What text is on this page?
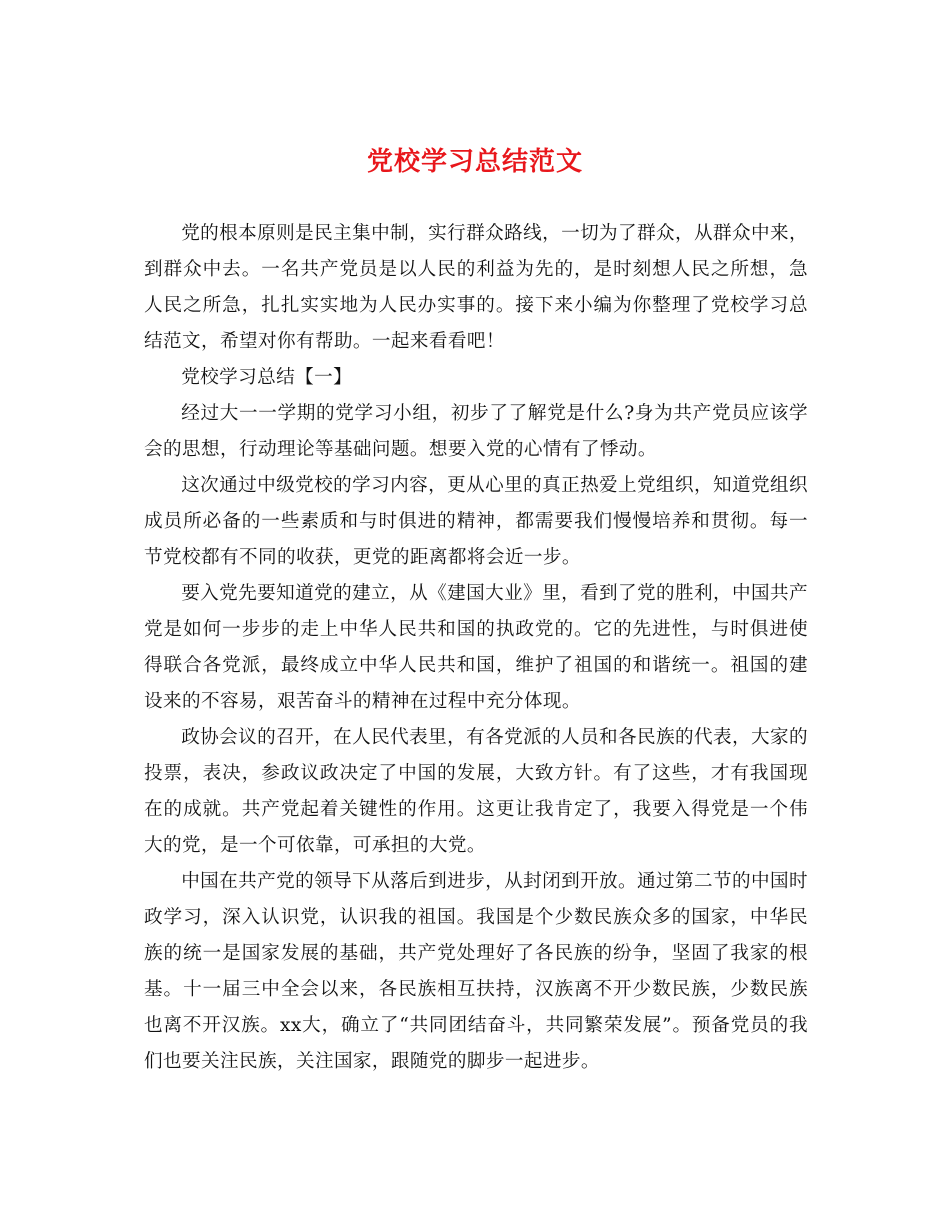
党校学习总结范文

党的根本原则是民主集中制，实行群众路线，一切为了群众，从群众中来，到群众中去。一名共产党员是以人民的利益为先的，是时刻想人民之所想，急人民之所急，扎扎实实地为人民办实事的。接下来小编为你整理了党校学习总结范文，希望对你有帮助。一起来看看吧！

党校学习总结【一】

经过大一一学期的党学习小组，初步了了解党是什么?身为共产党员应该学会的思想，行动理论等基础问题。想要入党的心情有了悸动。

这次通过中级党校的学习内容，更从心里的真正热爱上党组织，知道党组织成员所必备的一些素质和与时俱进的精神，都需要我们慢慢培养和贯彻。每一节党校都有不同的收获，更党的距离都将会近一步。

要入党先要知道党的建立，从《建国大业》里，看到了党的胜利，中国共产党是如何一步步的走上中华人民共和国的执政党的。它的先进性，与时俱进使得联合各党派，最终成立中华人民共和国，维护了祖国的和谐统一。祖国的建设来的不容易，艰苦奋斗的精神在过程中充分体现。

政协会议的召开，在人民代表里，有各党派的人员和各民族的代表，大家的投票，表决，参政议政决定了中国的发展，大致方针。有了这些，才有我国现在的成就。共产党起着关键性的作用。这更让我肯定了，我要入得党是一个伟大的党，是一个可依靠，可承担的大党。

中国在共产党的领导下从落后到进步，从封闭到开放。通过第二节的中国时政学习，深入认识党，认识我的祖国。我国是个少数民族众多的国家，中华民族的统一是国家发展的基础，共产党处理好了各民族的纷争，坚固了我家的根基。十一届三中全会以来，各民族相互扶持，汉族离不开少数民族，少数民族也离不开汉族。xx大，确立了“共同团结奋斗，共同繁荣发展”。预备党员的我们也要关注民族，关注国家，跟随党的脚步一起进步。
